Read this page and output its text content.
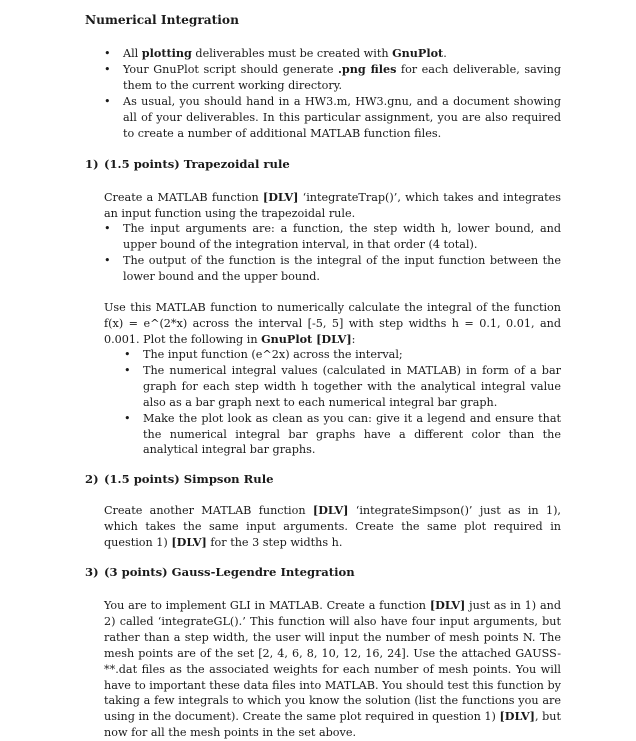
Numerical Integration
• All plotting deliverables must be created with GnuPlot.
• Your GnuPlot script should generate .png files for each deliverable, saving them to the current working directory.
• As usual, you should hand in a HW3.m, HW3.gnu, and a document showing all of your deliverables. In this particular assignment, you are also required to create a number of additional MATLAB function files.
1) (1.5 points) Trapezoidal rule

Create a MATLAB function [DLV] ‘integrateTrap()’, which takes and integrates an input function using the trapezoidal rule.

• The input arguments are: a function, the step width h, lower bound, and upper bound of the integration interval, in that order (4 total).
• The output of the function is the integral of the input function between the lower bound and the upper bound.

Use this MATLAB function to numerically calculate the integral of the function f(x) = e^(2*x) across the interval [-5, 5] with step widths h = 0.1, 0.01, and 0.001. Plot the following in GnuPlot [DLV]:

• The input function (e^2x) across the interval;
• The numerical integral values (calculated in MATLAB) in form of a bar graph for each step width h together with the analytical integral value also as a bar graph next to each numerical integral bar graph.
• Make the plot look as clean as you can: give it a legend and ensure that the numerical integral bar graphs have a different color than the analytical integral bar graphs.
2) (1.5 points) Simpson Rule

Create another MATLAB function [DLV] ‘integrateSimpson()’ just as in 1), which takes the same input arguments. Create the same plot required in question 1) [DLV] for the 3 step widths h.

3) (3 points) Gauss-Legendre Integration

You are to implement GLI in MATLAB. Create a function [DLV] just as in 1) and 2) called ‘integrateGL().’ This function will also have four input arguments, but rather than a step width, the user will input the number of mesh points N. The mesh points are of the set [2, 4, 6, 8, 10, 12, 16, 24]. Use the attached GAUSS-**.dat files as the associated weights for each number of mesh points. You will have to important these data files into MATLAB. You should test this function by taking a few integrals to which you know the solution (list the functions you are using in the document). Create the same plot required in question 1) [DLV], but now for all the mesh points in the set above.
